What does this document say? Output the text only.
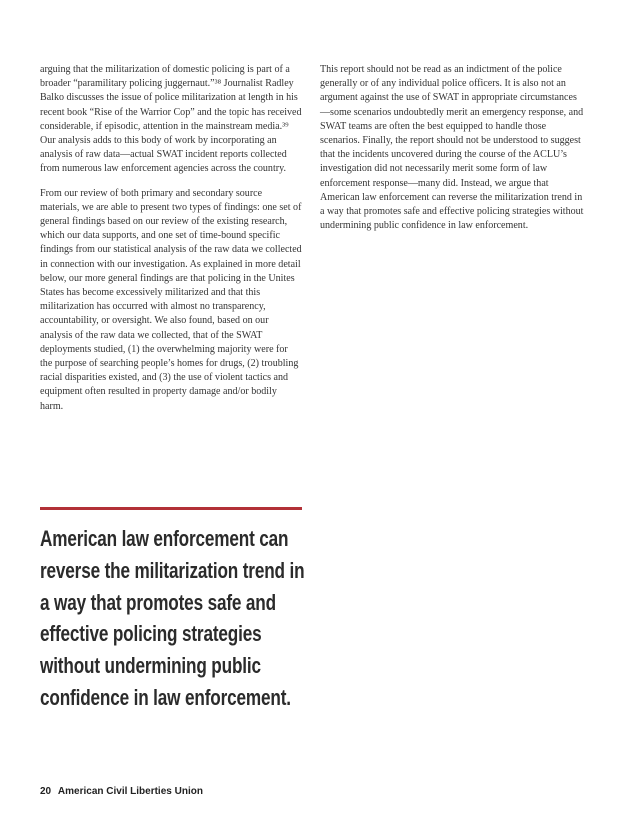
arguing that the militarization of domestic policing is part of a broader “paramilitary policing juggernaut.”³⁸ Journalist Radley Balko discusses the issue of police militarization at length in his recent book “Rise of the Warrior Cop” and the topic has received considerable, if episodic, attention in the mainstream media.³⁹ Our analysis adds to this body of work by incorporating an analysis of raw data—actual SWAT incident reports collected from numerous law enforcement agencies across the country.

From our review of both primary and secondary source materials, we are able to present two types of findings: one set of general findings based on our review of the existing research, which our data supports, and one set of time-bound specific findings from our statistical analysis of the raw data we collected in connection with our investigation. As explained in more detail below, our more general findings are that policing in the Unites States has become excessively militarized and that this militarization has occurred with almost no transparency, accountability, or oversight. We also found, based on our analysis of the raw data we collected, that of the SWAT deployments studied, (1) the overwhelming majority were for the purpose of searching people’s homes for drugs, (2) troubling racial disparities existed, and (3) the use of violent tactics and equipment often resulted in property damage and/or bodily harm.

This report should not be read as an indictment of the police generally or of any individual police officers. It is also not an argument against the use of SWAT in appropriate circumstances—some scenarios undoubtedly merit an emergency response, and SWAT teams are often the best equipped to handle those scenarios. Finally, the report should not be understood to suggest that the incidents uncovered during the course of the ACLU’s investigation did not necessarily merit some form of law enforcement response—many did. Instead, we argue that American law enforcement can reverse the militarization trend in a way that promotes safe and effective policing strategies without undermining public confidence in law enforcement.

American law enforcement can reverse the militarization trend in a way that promotes safe and effective policing strategies without undermining public confidence in law enforcement.
20 American Civil Liberties Union
